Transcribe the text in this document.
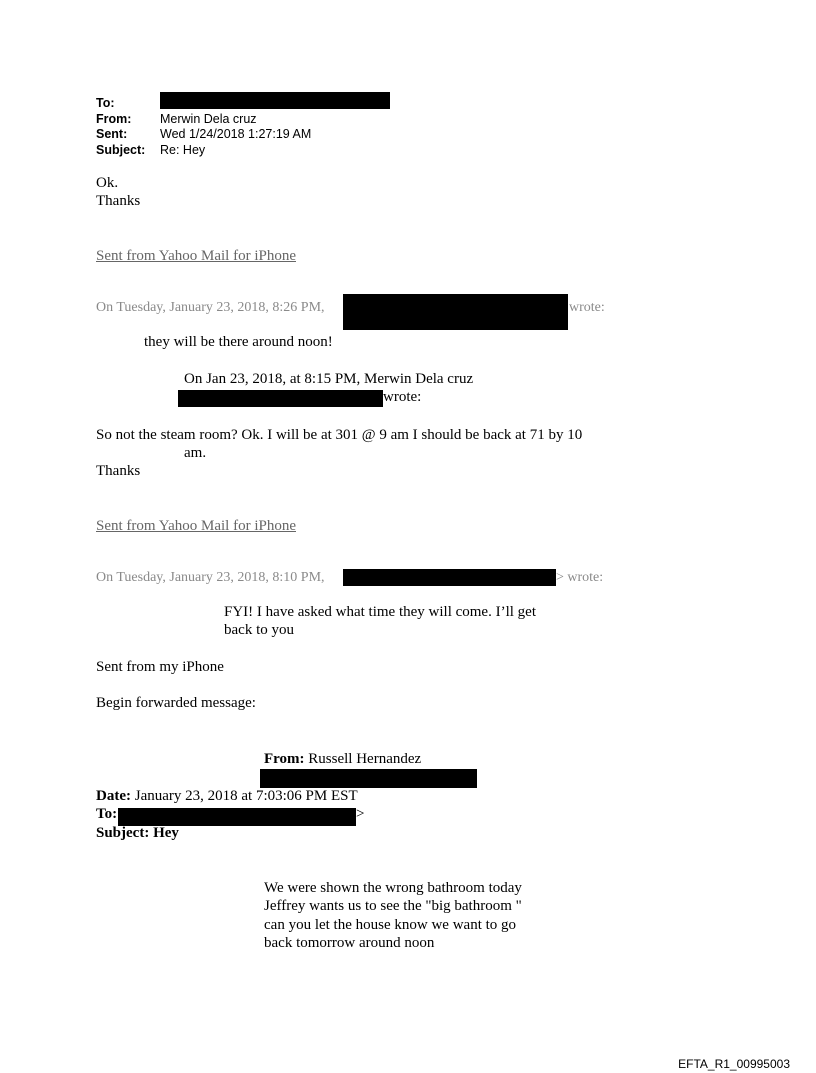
To:
From: Merwin Dela cruz
Sent:	Wed 1/24/2018 1:27:19 AM
Subject: Re: Hey
Ok.
Thanks
Sent from Yahoo Mail for iPhone
On Tuesday, January 23, 2018, 8:26 PM,	wrote:
they will be there around noon!
On Jan 23, 2018, at 8:15 PM, Merwin Dela cruz
wrote:
So not the steam room? Ok. I will be at 301 @ 9 am I should be back at 71 by 10
am.
Thanks
Sent from Yahoo Mail for iPhone
On Tuesday, January 23, 2018, 8:10 PM,	> wrote:
FYI! I have asked what time they will come. I’ll get
back to you
Sent from my iPhone
Begin forwarded message:
From: Russell Hernandez
Date: January 23, 2018 at 7:03:06 PM EST
To:	>
Subject: Hey
We were shown the wrong bathroom today
Jeffrey wants us to see the "big bathroom "
can you let the house know we want to go
back tomorrow around noon
EFTA_R1_00995003
